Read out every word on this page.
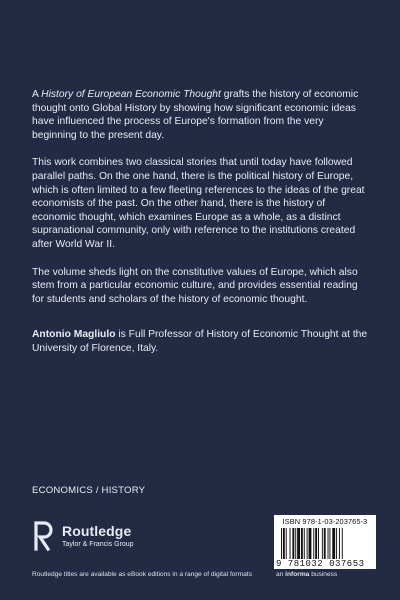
A History of European Economic Thought grafts the history of economic thought onto Global History by showing how significant economic ideas have influenced the process of Europe's formation from the very beginning to the present day.

This work combines two classical stories that until today have followed parallel paths. On the one hand, there is the political history of Europe, which is often limited to a few fleeting references to the ideas of the great economists of the past. On the other hand, there is the history of economic thought, which examines Europe as a whole, as a distinct supranational community, only with reference to the institutions created after World War II.

The volume sheds light on the constitutive values of Europe, which also stem from a particular economic culture, and provides essential reading for students and scholars of the history of economic thought.

Antonio Magliulo is Full Professor of History of Economic Thought at the University of Florence, Italy.

ECONOMICS / HISTORY
Routledge
Taylor & Francis Group
Routledge titles are available as eBook editions in a range of digital formats
ISBN 978-1-03-203765-3
9 781032 037653
an informa business
